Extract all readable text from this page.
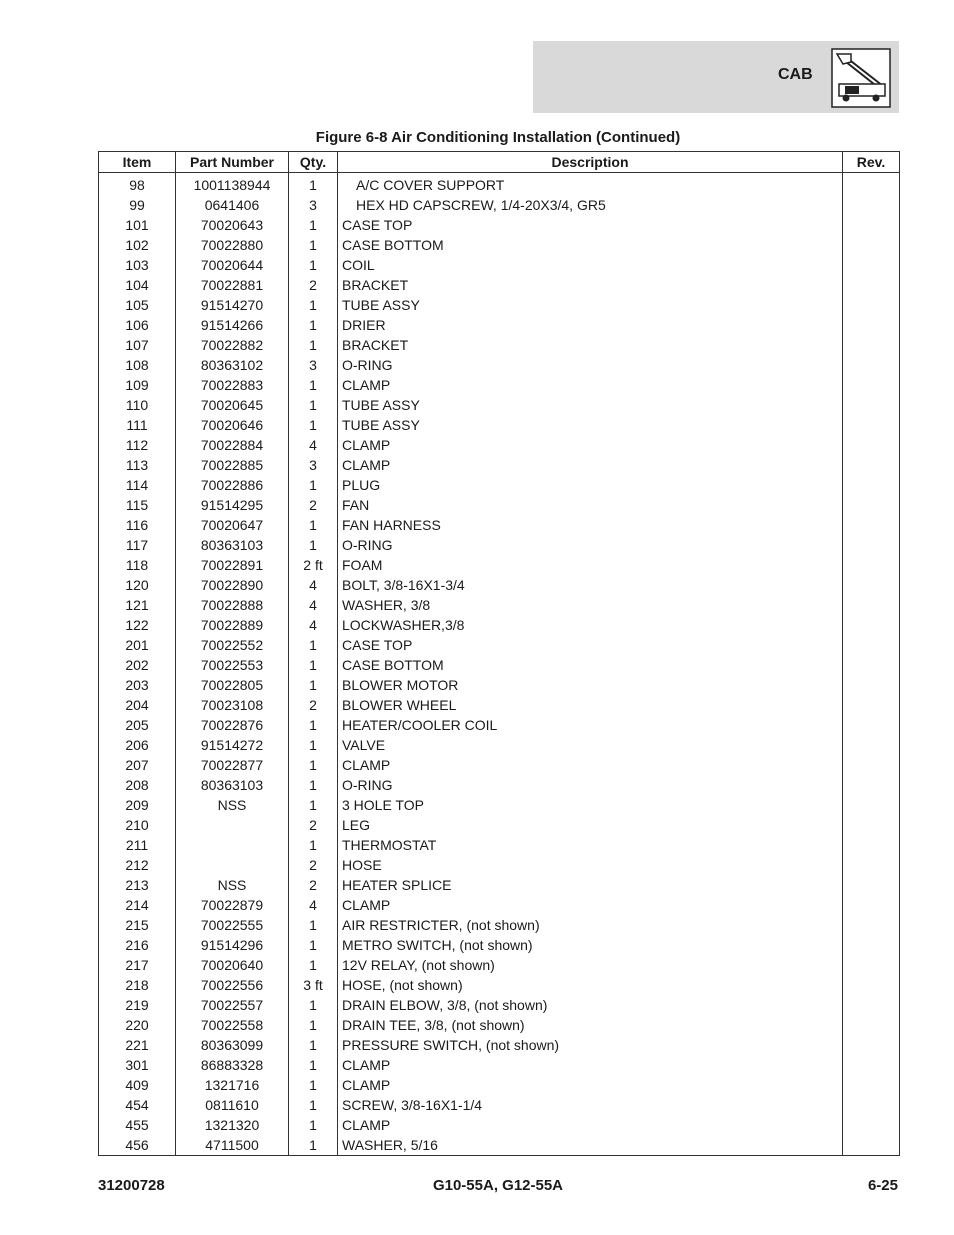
CAB
Figure 6-8 Air Conditioning Installation (Continued)
Item	Part Number	Qty.	Description	Rev.
98	1001138944	1	A/C COVER SUPPORT	
99	0641406	3	HEX HD CAPSCREW, 1/4-20X3/4, GR5	
101	70020643	1	CASE TOP	
102	70022880	1	CASE BOTTOM	
103	70020644	1	COIL	
104	70022881	2	BRACKET	
105	91514270	1	TUBE ASSY	
106	91514266	1	DRIER	
107	70022882	1	BRACKET	
108	80363102	3	O-RING	
109	70022883	1	CLAMP	
110	70020645	1	TUBE ASSY	
111	70020646	1	TUBE ASSY	
112	70022884	4	CLAMP	
113	70022885	3	CLAMP	
114	70022886	1	PLUG	
115	91514295	2	FAN	
116	70020647	1	FAN HARNESS	
117	80363103	1	O-RING	
118	70022891	2 ft	FOAM	
120	70022890	4	BOLT, 3/8-16X1-3/4	
121	70022888	4	WASHER, 3/8	
122	70022889	4	LOCKWASHER,3/8	
201	70022552	1	CASE TOP	
202	70022553	1	CASE BOTTOM	
203	70022805	1	BLOWER MOTOR	
204	70023108	2	BLOWER WHEEL	
205	70022876	1	HEATER/COOLER COIL	
206	91514272	1	VALVE	
207	70022877	1	CLAMP	
208	80363103	1	O-RING	
209	NSS	1	3 HOLE TOP	
210		2	LEG	
211		1	THERMOSTAT	
212		2	HOSE	
213	NSS	2	HEATER SPLICE	
214	70022879	4	CLAMP	
215	70022555	1	AIR RESTRICTER, (not shown)	
216	91514296	1	METRO SWITCH, (not shown)	
217	70020640	1	12V RELAY, (not shown)	
218	70022556	3 ft	HOSE, (not shown)	
219	70022557	1	DRAIN ELBOW, 3/8, (not shown)	
220	70022558	1	DRAIN TEE, 3/8, (not shown)	
221	80363099	1	PRESSURE SWITCH, (not shown)	
301	86883328	1	CLAMP	
409	1321716	1	CLAMP	
454	0811610	1	SCREW, 3/8-16X1-1/4	
455	1321320	1	CLAMP	
456	4711500	1	WASHER, 5/16	
31200728	G10-55A, G12-55A	6-25
